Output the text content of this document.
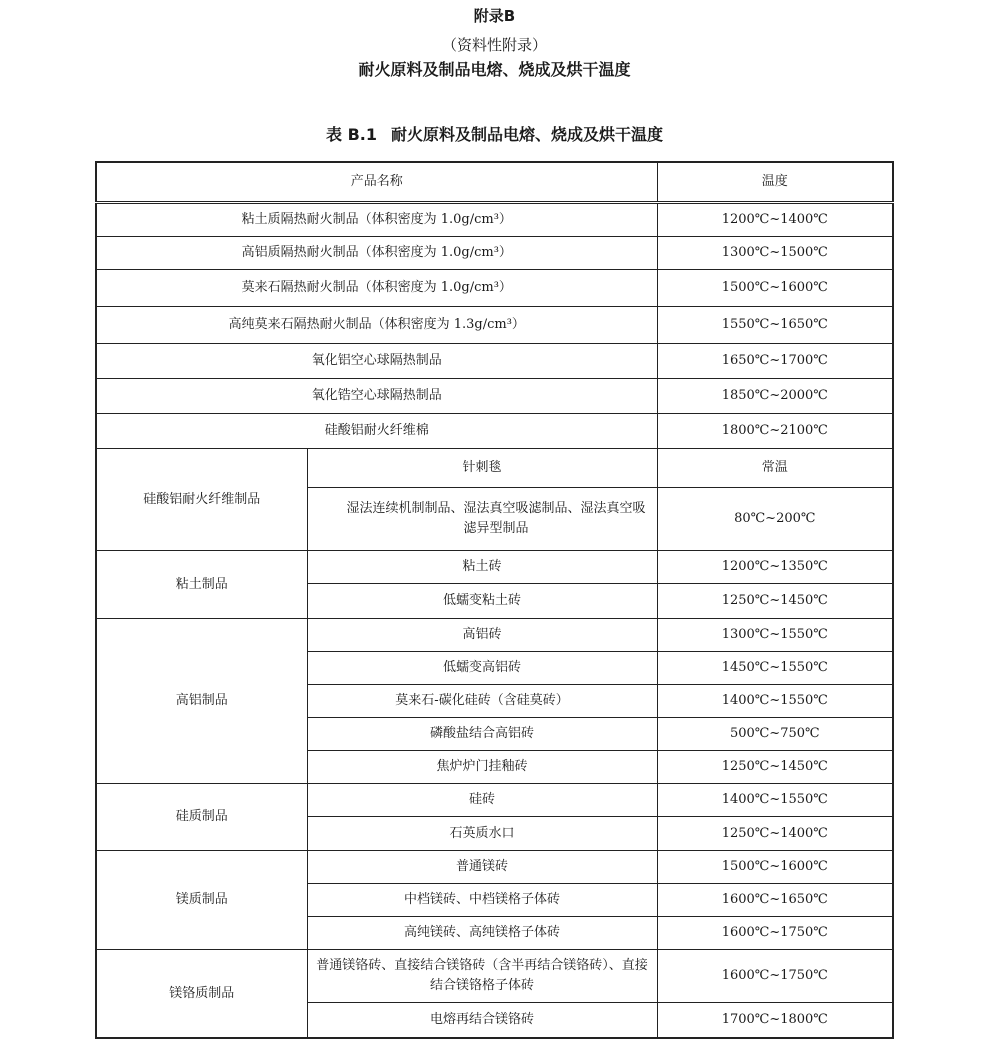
附录B
（资料性附录）
耐火原料及制品电熔、烧成及烘干温度
表 B.1 耐火原料及制品电熔、烧成及烘干温度
产品名称		温度
粘土质隔热耐火制品（体积密度为 1.0g/cm³）		1200℃~1400℃
高铝质隔热耐火制品（体积密度为 1.0g/cm³）		1300℃~1500℃
莫来石隔热耐火制品（体积密度为 1.0g/cm³）		1500℃~1600℃
高纯莫来石隔热耐火制品（体积密度为 1.3g/cm³）		1550℃~1650℃
氧化铝空心球隔热制品		1650℃~1700℃
氧化锆空心球隔热制品		1850℃~2000℃
硅酸铝耐火纤维棉		1800℃~2100℃
硅酸铝耐火纤维制品	针刺毯	常温
	湿法连续机制制品、湿法真空吸滤制品、湿法真空吸滤异型制品	80℃~200℃
粘土制品	粘土砖	1200℃~1350℃
	低蠕变粘土砖	1250℃~1450℃
高铝制品	高铝砖	1300℃~1550℃
	低蠕变高铝砖	1450℃~1550℃
	莫来石-碳化硅砖（含硅莫砖）	1400℃~1550℃
	磷酸盐结合高铝砖	500℃~750℃
	焦炉炉门挂釉砖	1250℃~1450℃
硅质制品	硅砖	1400℃~1550℃
	石英质水口	1250℃~1400℃
镁质制品	普通镁砖	1500℃~1600℃
	中档镁砖、中档镁格子体砖	1600℃~1650℃
	高纯镁砖、高纯镁格子体砖	1600℃~1750℃
镁铬质制品	普通镁铬砖、直接结合镁铬砖（含半再结合镁铬砖）、直接结合镁铬格子体砖	1600℃~1750℃
	电熔再结合镁铬砖	1700℃~1800℃
